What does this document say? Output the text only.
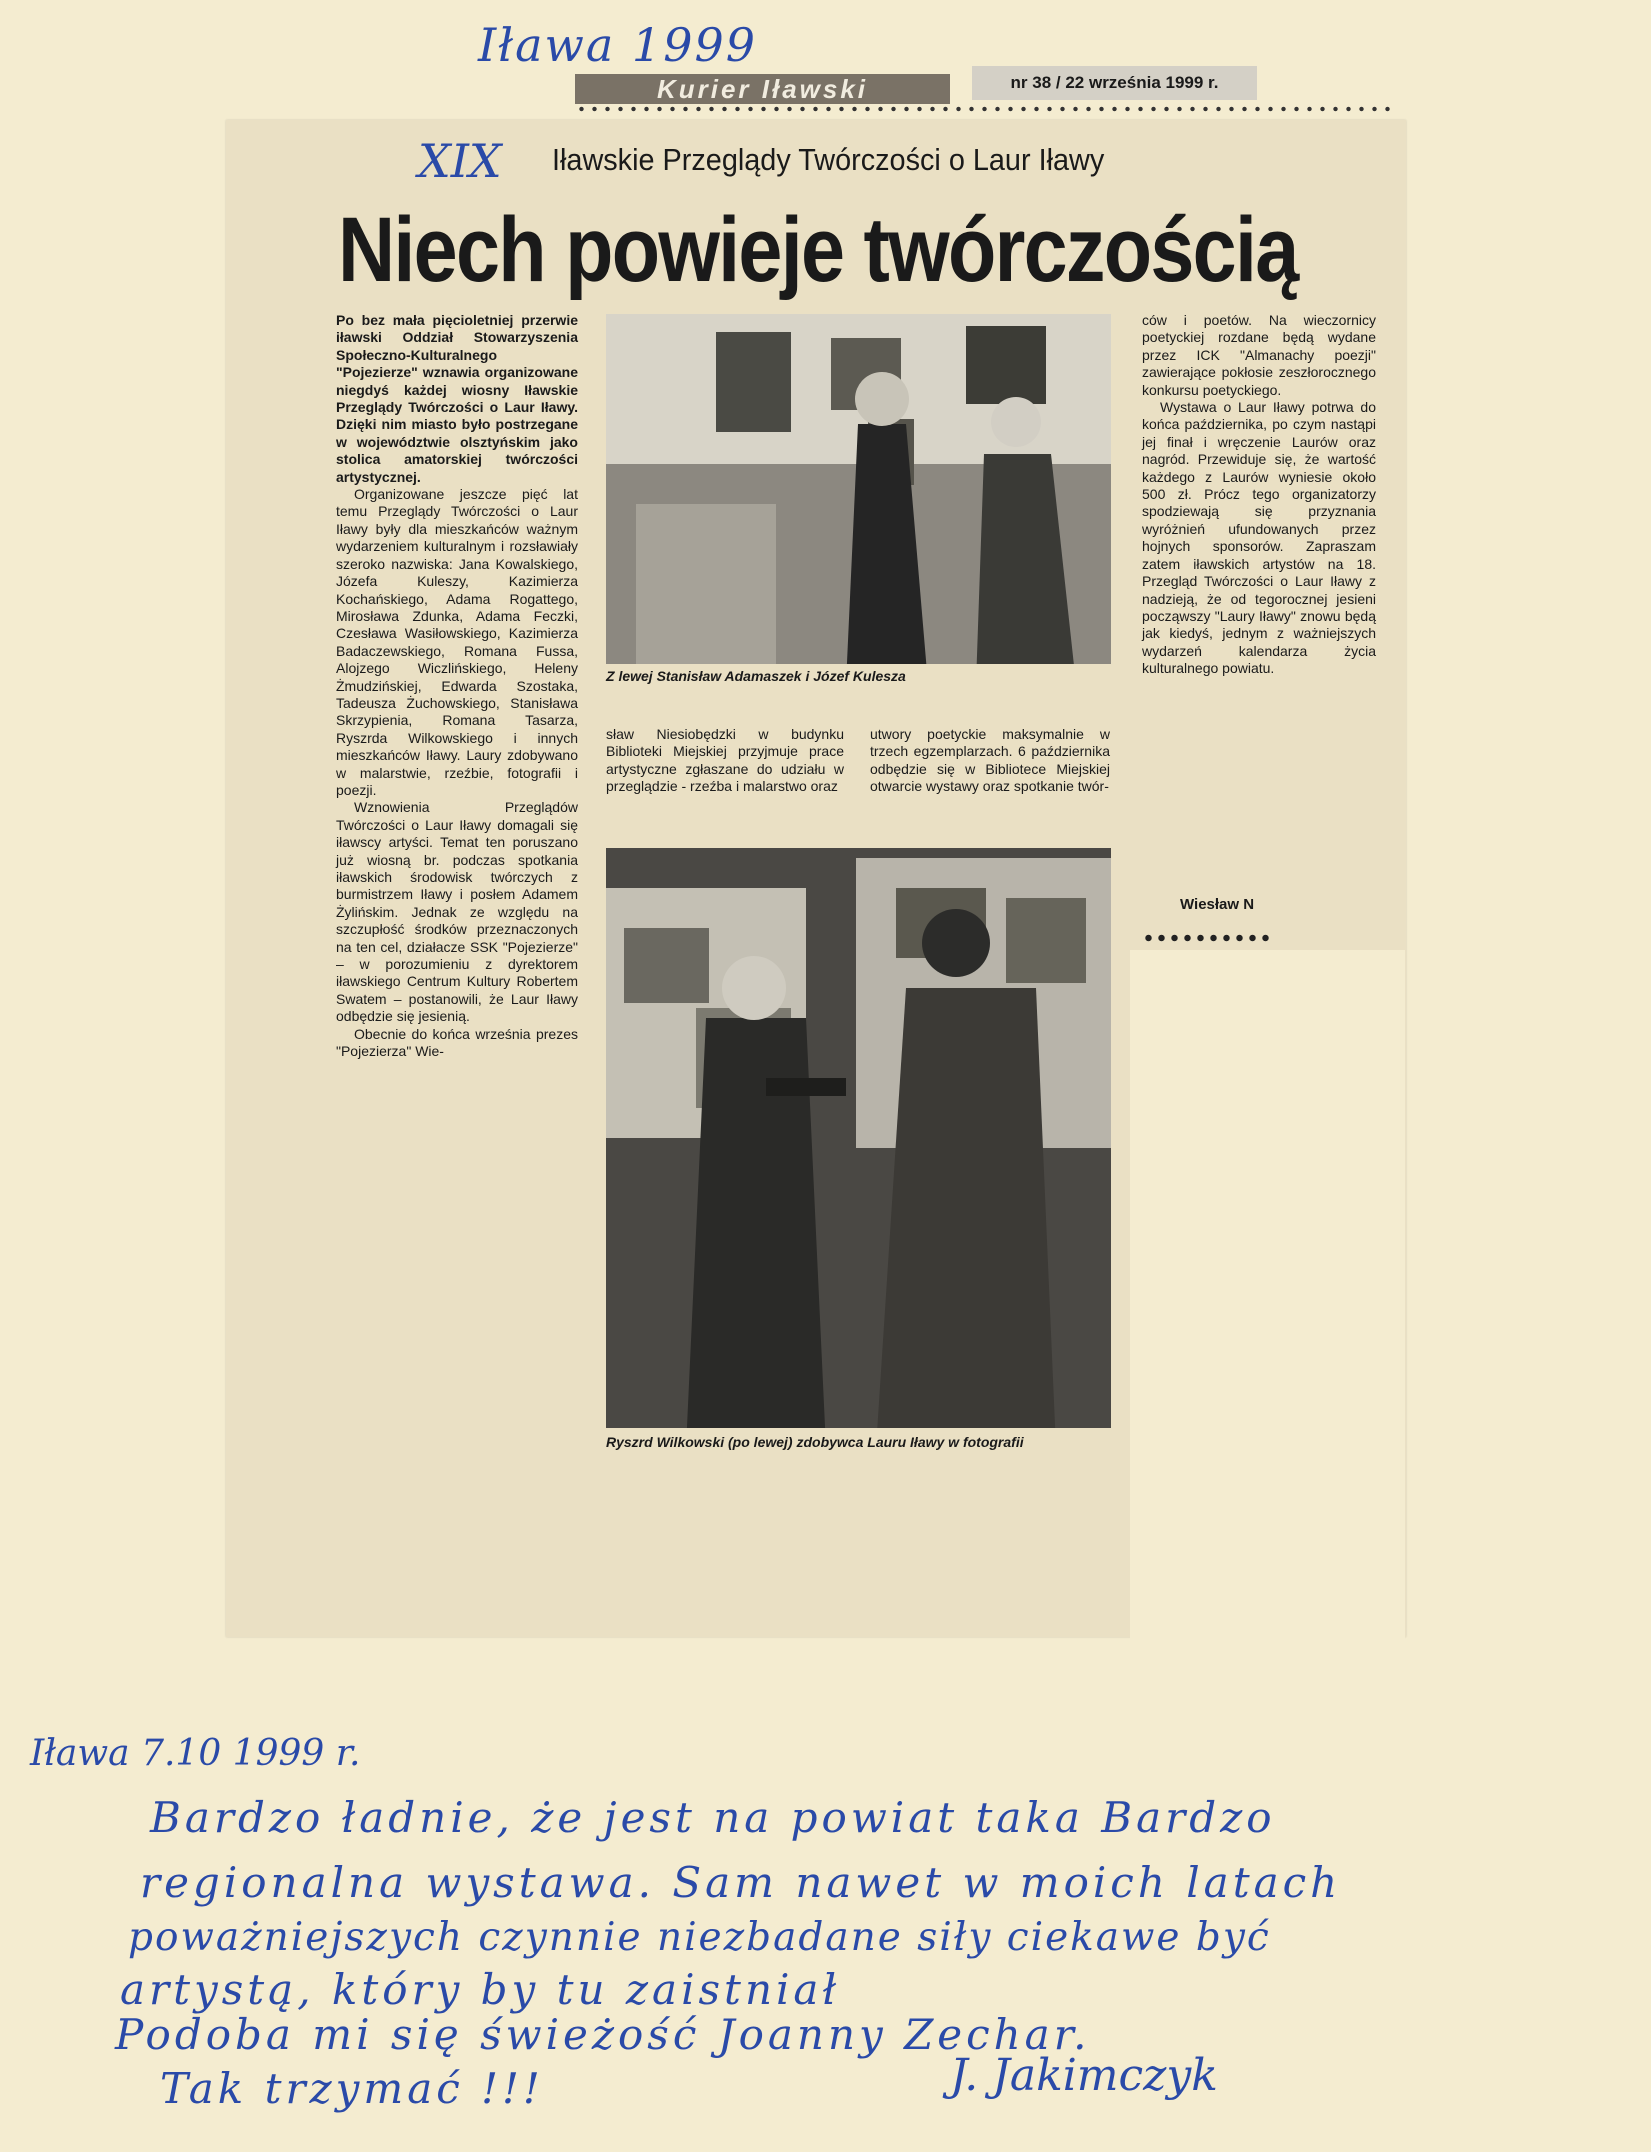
Iława 1999
Kurier Iławski	nr 38 / 22 września 1999 r.
XIX Iławskie Przeglądy Twórczości o Laur Iławy
Niech powieje twórczością

Po bez mała pięcioletniej przerwie iławski Oddział Stowarzyszenia Społeczno-Kulturalnego "Pojezierze" wznawia organizowane niegdyś każdej wiosny Iławskie Przeglądy Twórczości o Laur Iławy. Dzięki nim miasto było postrzegane w województwie olsztyńskim jako stolica amatorskiej twórczości artystycznej.

Organizowane jeszcze pięć lat temu Przeglądy Twórczości o Laur Iławy były dla mieszkańców ważnym wydarzeniem kulturalnym i rozsławiały szeroko nazwiska: Jana Kowalskiego, Józefa Kuleszy, Kazimierza Kochańskiego, Adama Rogattego, Mirosława Zdunka, Adama Feczki, Czesława Wasiłowskiego, Kazimierza Badaczewskiego, Romana Fussa, Alojzego Wiczlińskiego, Heleny Żmudzińskiej, Edwarda Szostaka, Tadeusza Żuchowskiego, Stanisława Skrzypienia, Romana Tasarza, Ryszrda Wilkowskiego i innych mieszkańców Iławy. Laury zdobywano w malarstwie, rzeźbie, fotografii i poezji.

Wznowienia Przeglądów Twórczości o Laur Iławy domagali się iławscy artyści. Temat ten poruszano już wiosną br. podczas spotkania iławskich środowisk twórczych z burmistrzem Iławy i posłem Adamem Żylińskim. Jednak ze względu na szczupłość środków przeznaczonych na ten cel, działacze SSK "Pojezierze" – w porozumieniu z dyrektorem iławskiego Centrum Kultury Robertem Swatem – postanowili, że Laur Iławy odbędzie się jesienią.

Obecnie do końca września prezes "Pojezierza" Wie-

Z lewej Stanisław Adamaszek i Józef Kulesza

sław Niesiobędzki w budynku Biblioteki Miejskiej przyjmuje prace artystyczne zgłaszane do udziału w przeglądzie - rzeźba i malarstwo oraz

utwory poetyckie maksymalnie w trzech egzemplarzach. 6 października odbędzie się w Bibliotece Miejskiej otwarcie wystawy oraz spotkanie twór-

Ryszrd Wilkowski (po lewej) zdobywca Lauru Iławy w fotografii

ców i poetów. Na wieczornicy poetyckiej rozdane będą wydane przez ICK "Almanachy poezji" zawierające pokłosie zeszłorocznego konkursu poetyckiego.

Wystawa o Laur Iławy potrwa do końca października, po czym nastąpi jej finał i wręczenie Laurów oraz nagród. Przewiduje się, że wartość każdego z Laurów wyniesie około 500 zł. Prócz tego organizatorzy spodziewają się przyznania wyróżnień ufundowanych przez hojnych sponsorów. Zapraszam zatem iławskich artystów na 18. Przegląd Twórczości o Laur Iławy z nadzieją, że od tegorocznej jesieni począwszy "Laury Iławy" znowu będą jak kiedyś, jednym z ważniejszych wydarzeń kalendarza życia kulturalnego powiatu.

Wiesław N
Iława 7.10 1999 r.
Bardzo ładnie, że jest na powiat taka Bardzo
regionalna wystawa. Sam nawet w moich latach
poważniejszych czynnie niezbadane siły ciekawe być
artystą, który by tu zaistniał
Podoba mi się świeżość Joanny Zechar.
Tak trzymać !!!	J. Jakimczyk
